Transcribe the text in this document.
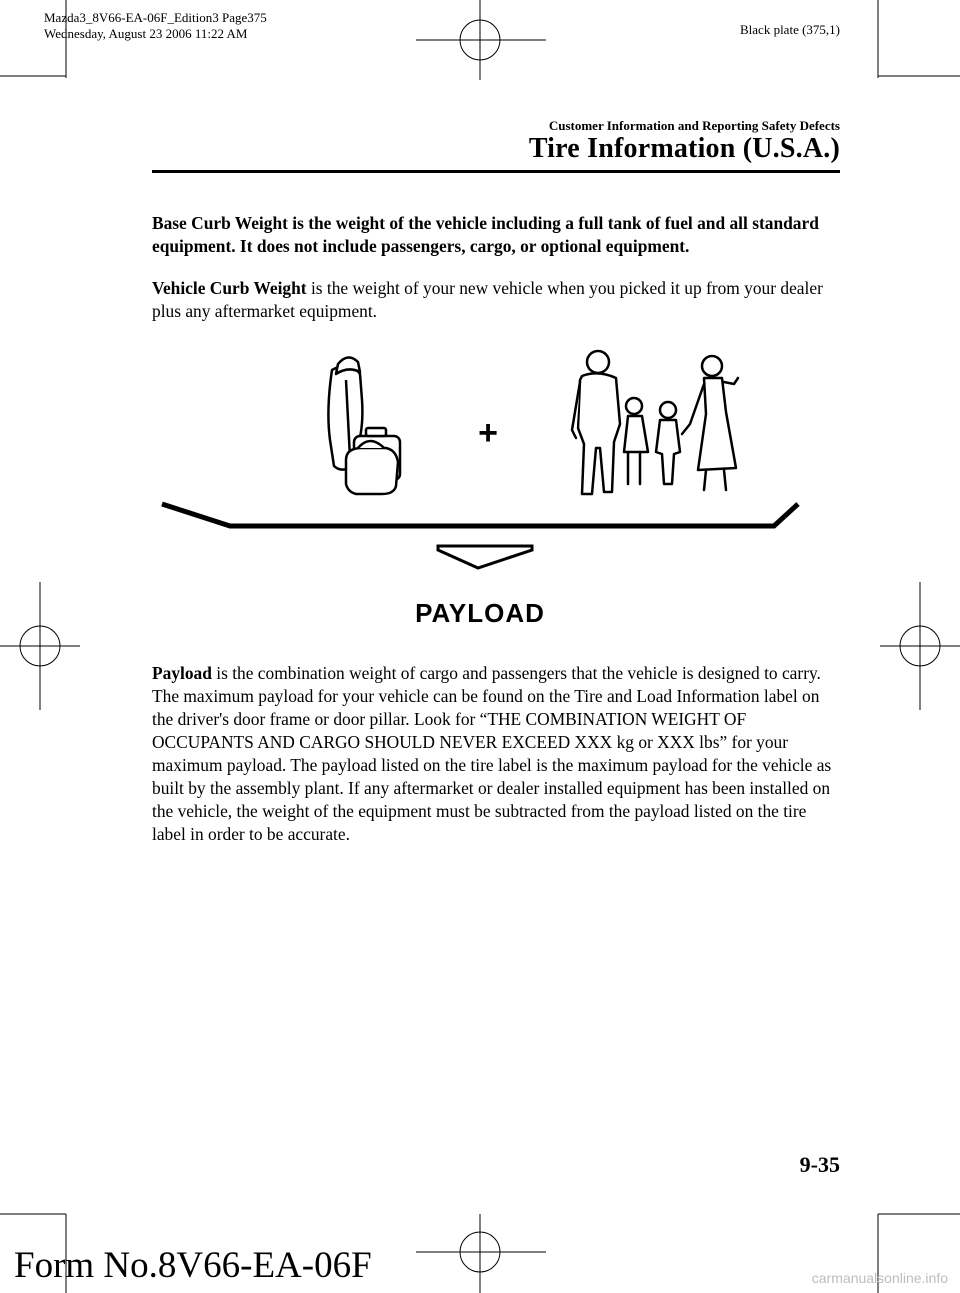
Mazda3_8V66-EA-06F_Edition3 Page375
Wednesday, August 23 2006 11:22 AM	Black plate (375,1)
Customer Information and Reporting Safety Defects
Tire Information (U.S.A.)
Base Curb Weight is the weight of the vehicle including a full tank of fuel and all standard equipment. It does not include passengers, cargo, or optional equipment.
Vehicle Curb Weight is the weight of your new vehicle when you picked it up from your dealer plus any aftermarket equipment.
+
PAYLOAD
Payload is the combination weight of cargo and passengers that the vehicle is designed to carry. The maximum payload for your vehicle can be found on the Tire and Load Information label on the driver's door frame or door pillar. Look for “THE COMBINATION WEIGHT OF OCCUPANTS AND CARGO SHOULD NEVER EXCEED XXX kg or XXX lbs” for your maximum payload. The payload listed on the tire label is the maximum payload for the vehicle as built by the assembly plant. If any aftermarket or dealer installed equipment has been installed on the vehicle, the weight of the equipment must be subtracted from the payload listed on the tire label in order to be accurate.
9-35
Form No.8V66-EA-06F	carmanualsonline.info
